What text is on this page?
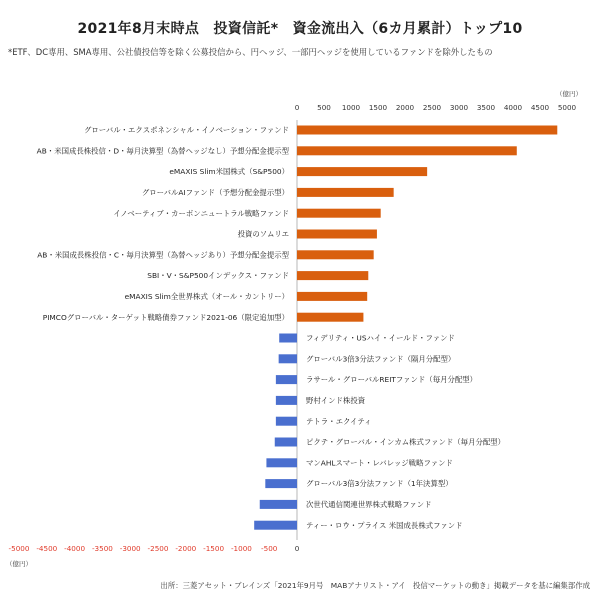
2021年8月末時点　投資信託*　資金流出入（6カ月累計）トップ10
*ETF、DC専用、SMA専用、公社債投信等を除く公募投信から、円ヘッジ、一部円ヘッジを使用しているファンドを除外したもの
（億円）
（億円）
0 500 1000 1500 2000 2500 3000 3500 4000 4500 5000
-5000 -4500 -4000 -3500 -3000 -2500 -2000 -1500 -1000 -500 0
グローバル・エクスポネンシャル・イノベーション・ファンド
AB・米国成長株投信・D・毎月決算型（為替ヘッジなし）予想分配金提示型
eMAXIS Slim米国株式（S&P500）
グローバルAIファンド（予想分配金提示型）
イノベーティブ・カーボンニュートラル戦略ファンド
投資のソムリエ
AB・米国成長株投信・C・毎月決算型（為替ヘッジあり）予想分配金提示型
SBI・V・S&P500インデックス・ファンド
eMAXIS Slim全世界株式（オール・カントリー）
PIMCOグローバル・ターゲット戦略債券ファンド2021-06（限定追加型）
フィデリティ・USハイ・イールド・ファンド
グローバル3倍3分法ファンド（隔月分配型）
ラサール・グローバルREITファンド（毎月分配型）
野村インド株投資
テトラ・エクイティ
ピクテ・グローバル・インカム株式ファンド（毎月分配型）
マンAHLスマート・レバレッジ戦略ファンド
グローバル3倍3分法ファンド（1年決算型）
次世代通信関連世界株式戦略ファンド
ティー・ロウ・プライス 米国成長株式ファンド
出所：三菱アセット・ブレインズ「2021年9月号　MABアナリスト・アイ　投信マーケットの動き」掲載データを基に編集部作成
